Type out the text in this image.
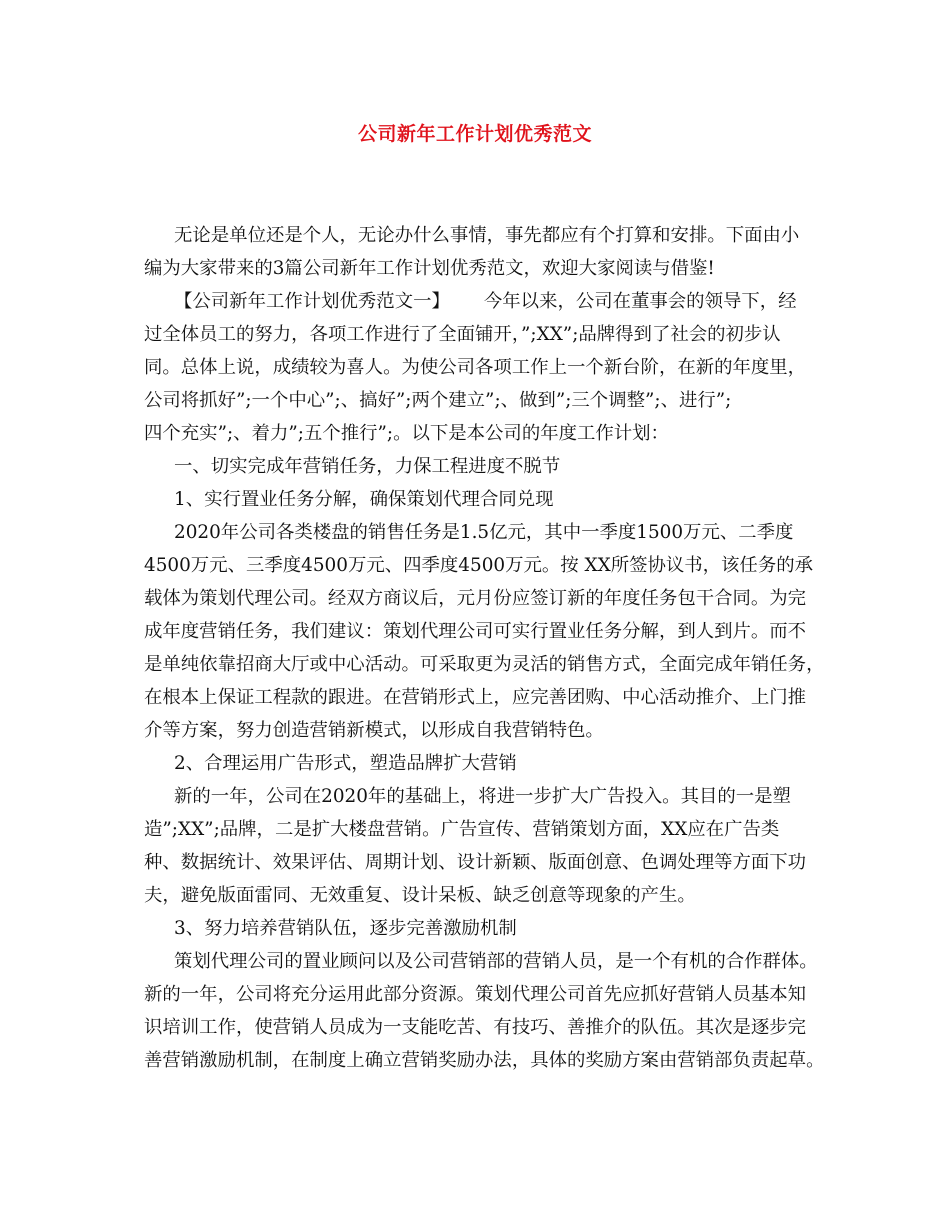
公司新年工作计划优秀范文
无论是单位还是个人，无论办什么事情，事先都应有个打算和安排。下面由小
编为大家带来的3篇公司新年工作计划优秀范文，欢迎大家阅读与借鉴!
【公司新年工作计划优秀范文一】 今年以来，公司在董事会的领导下，经
过全体员工的努力，各项工作进行了全面铺开，”;XX”;品牌得到了社会的初步认
同。总体上说，成绩较为喜人。为使公司各项工作上一个新台阶，在新的年度里，
公司将抓好”;一个中心”;、搞好”;两个建立”;、做到”;三个调整”;、进行”;
四个充实”;、着力”;五个推行”;。以下是本公司的年度工作计划：
一、切实完成年营销任务，力保工程进度不脱节
1、实行置业任务分解，确保策划代理合同兑现
2020年公司各类楼盘的销售任务是1.5亿元，其中一季度1500万元、二季度
4500万元、三季度4500万元、四季度4500万元。按 XX所签协议书，该任务的承
载体为策划代理公司。经双方商议后，元月份应签订新的年度任务包干合同。为完
成年度营销任务，我们建议：策划代理公司可实行置业任务分解，到人到片。而不
是单纯依靠招商大厅或中心活动。可采取更为灵活的销售方式，全面完成年销任务，
在根本上保证工程款的跟进。在营销形式上，应完善团购、中心活动推介、上门推
介等方案，努力创造营销新模式，以形成自我营销特色。
2、合理运用广告形式，塑造品牌扩大营销
新的一年，公司在2020年的基础上，将进一步扩大广告投入。其目的一是塑
造”;XX”;品牌，二是扩大楼盘营销。广告宣传、营销策划方面，XX应在广告类
种、数据统计、效果评估、周期计划、设计新颖、版面创意、色调处理等方面下功
夫，避免版面雷同、无效重复、设计呆板、缺乏创意等现象的产生。
3、努力培养营销队伍，逐步完善激励机制
策划代理公司的置业顾问以及公司营销部的营销人员，是一个有机的合作群体。
新的一年，公司将充分运用此部分资源。策划代理公司首先应抓好营销人员基本知
识培训工作，使营销人员成为一支能吃苦、有技巧、善推介的队伍。其次是逐步完
善营销激励机制，在制度上确立营销奖励办法，具体的奖励方案由营销部负责起草。
